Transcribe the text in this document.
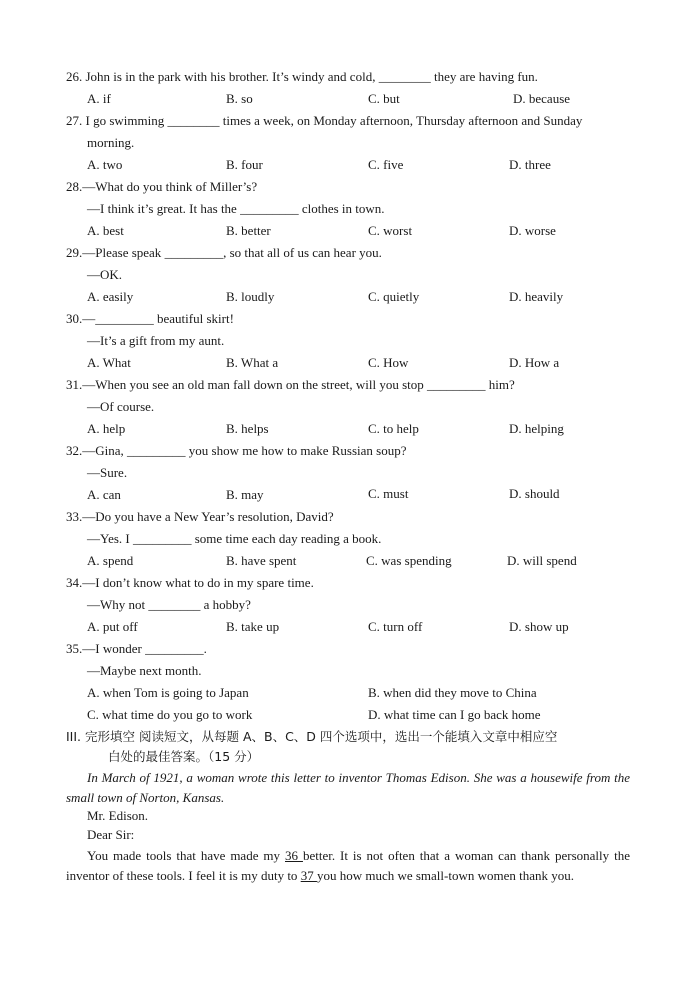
26. John is in the park with his brother. It’s windy and cold, ________ they are having fun.
A. if	B. so	C. but	D. because
27. I go swimming ________ times a week, on Monday afternoon, Thursday afternoon and Sunday
morning.
A. two	B. four	C. five	D. three
28.—What do you think of Miller’s?
—I think it’s great. It has the _________ clothes in town.
A. best	B. better	C. worst	D. worse
29.—Please speak _________, so that all of us can hear you.
—OK.
A. easily	B. loudly	C. quietly	D. heavily
30.—_________ beautiful skirt!
—It’s a gift from my aunt.
A. What	B. What a	C. How	D. How a
31.—When you see an old man fall down on the street, will you stop _________ him?
—Of course.
A. help	B. helps	C. to help	D. helping
32.—Gina, _________ you show me how to make Russian soup?
—Sure.
A. can	B. may	C. must	D. should
33.—Do you have a New Year’s resolution, David?
—Yes. I _________ some time each day reading a book.
A. spend	B. have spent	C. was spending	D. will spend
34.—I don’t know what to do in my spare time.
—Why not ________ a hobby?
A. put off	B. take up	C. turn off	D. show up
35.—I wonder _________.
—Maybe next month.
A. when Tom is going to Japan	B. when did they move to China
C. what time do you go to work	D. what time can I go back home
III. 完形填空 阅读短文，从每题 A、B、C、D 四个选项中，选出一个能填入文章中相应空
白处的最佳答案。（15 分）
In March of 1921, a woman wrote this letter to inventor Thomas Edison. She was a housewife from the small town of Norton, Kansas.
Mr. Edison.
Dear Sir:
You made tools that have made my 36 better. It is not often that a woman can thank personally the inventor of these tools. I feel it is my duty to 37 you how much we small-town women thank you.
